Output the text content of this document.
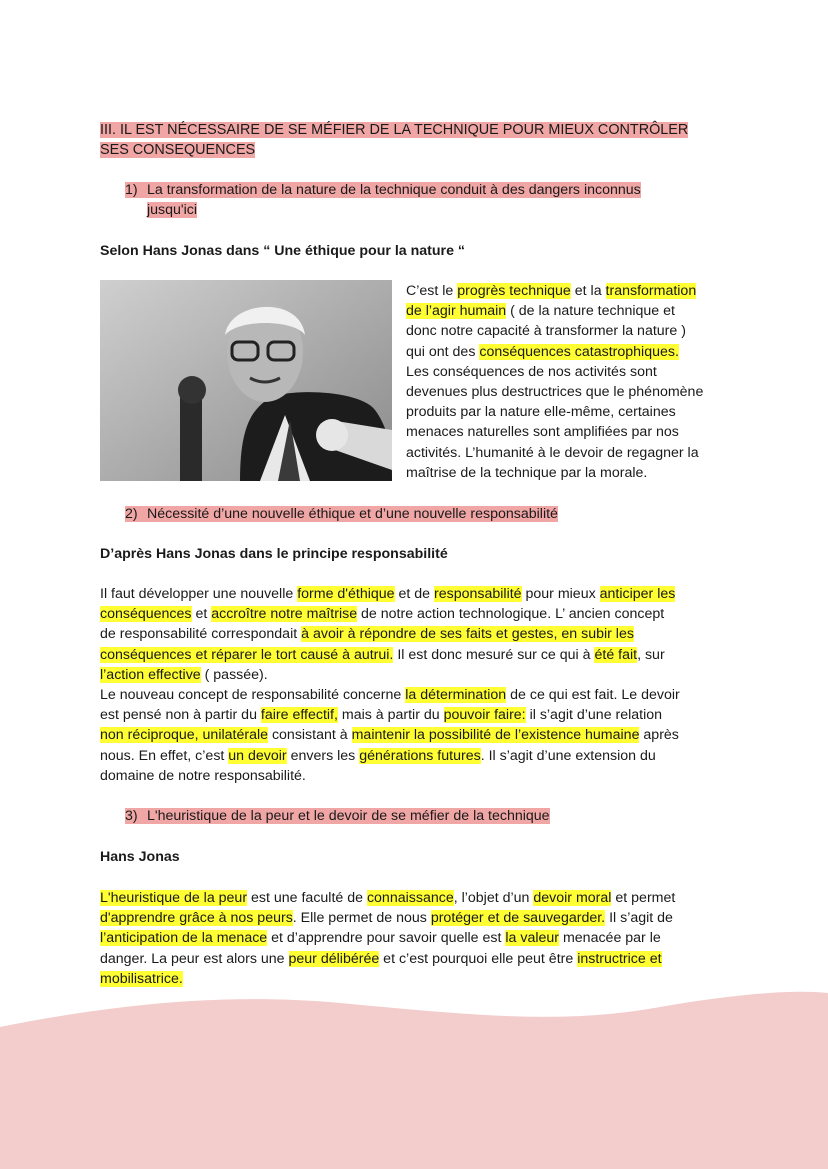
III. IL EST NÉCESSAIRE DE SE MÉFIER DE LA TECHNIQUE POUR MIEUX CONTRÔLER
SES CONSEQUENCES
1) La transformation de la nature de la technique conduit à des dangers inconnus
jusqu'ici
Selon Hans Jonas dans “ Une éthique pour la nature “
C’est le progrès technique et la transformation
de l’agir humain ( de la nature technique et
donc notre capacité à transformer la nature )
qui ont des conséquences catastrophiques.
Les conséquences de nos activités sont
devenues plus destructrices que le phénomène
produits par la nature elle-même, certaines
menaces naturelles sont amplifiées par nos
activités. L’humanité à le devoir de regagner la
maîtrise de la technique par la morale.
2) Nécessité d’une nouvelle éthique et d’une nouvelle responsabilité
D’après Hans Jonas dans le principe responsabilité
Il faut développer une nouvelle forme d'éthique et de responsabilité pour mieux anticiper les
conséquences et accroître notre maîtrise de notre action technologique. L’ ancien concept
de responsabilité correspondait à avoir à répondre de ses faits et gestes, en subir les
conséquences et réparer le tort causé à autrui. Il est donc mesuré sur ce qui à été fait, sur
l’action effective ( passée).
Le nouveau concept de responsabilité concerne la détermination de ce qui est fait. Le devoir
est pensé non à partir du faire effectif, mais à partir du pouvoir faire: il s’agit d’une relation
non réciproque, unilatérale consistant à maintenir la possibilité de l’existence humaine après
nous. En effet, c’est un devoir envers les générations futures. Il s’agit d’une extension du
domaine de notre responsabilité.
3) L'heuristique de la peur et le devoir de se méfier de la technique
Hans Jonas
L'heuristique de la peur est une faculté de connaissance, l’objet d’un devoir moral et permet
d'apprendre grâce à nos peurs. Elle permet de nous protéger et de sauvegarder. Il s’agit de
l’anticipation de la menace et d’apprendre pour savoir quelle est la valeur menacée par le
danger. La peur est alors une peur délibérée et c’est pourquoi elle peut être instructrice et
mobilisatrice.
